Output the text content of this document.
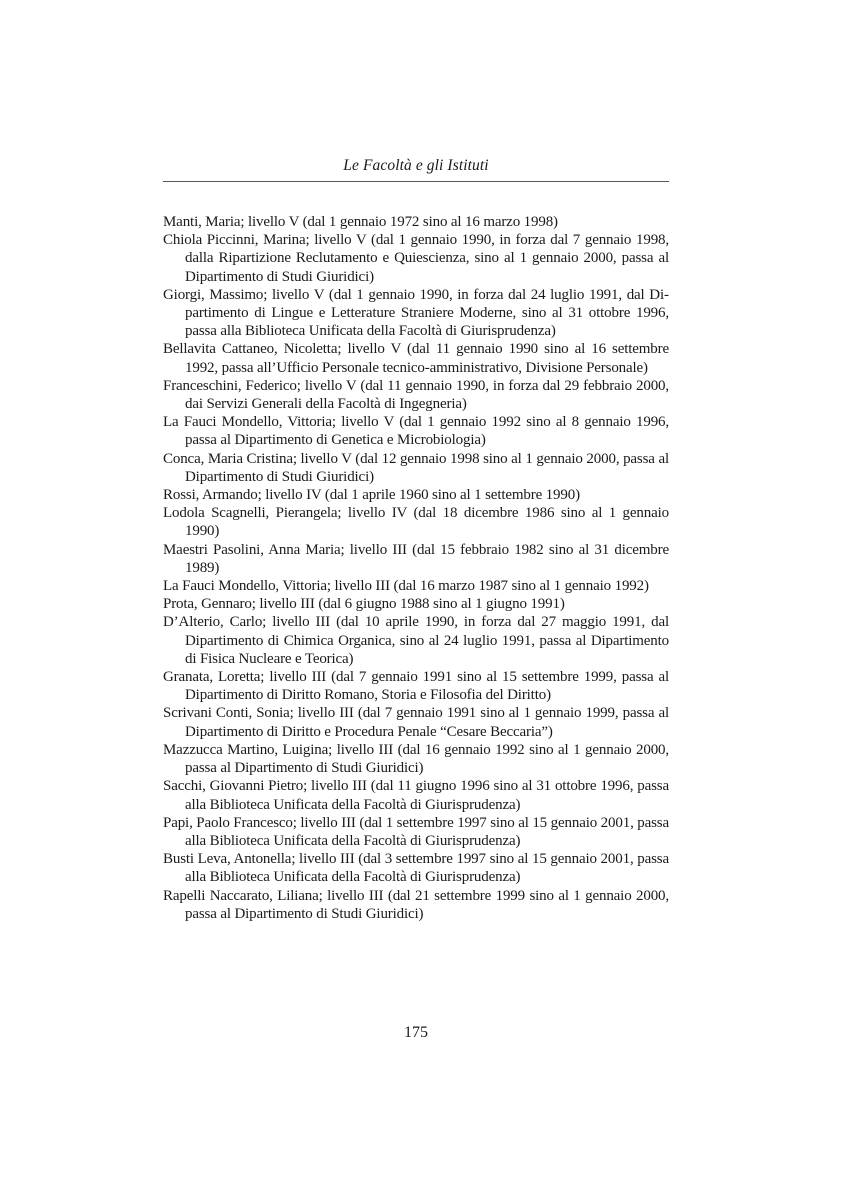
Le Facoltà e gli Istituti
Manti, Maria; livello V (dal 1 gennaio 1972 sino al 16 marzo 1998)
Chiola Piccinni, Marina; livello V (dal 1 gennaio 1990, in forza dal 7 gennaio 1998, dalla Ripartizione Reclutamento e Quiescienza, sino al 1 gennaio 2000, passa al Dipartimento di Studi Giuridici)
Giorgi, Massimo; livello V (dal 1 gennaio 1990, in forza dal 24 luglio 1991, dal Dipartimento di Lingue e Letterature Straniere Moderne, sino al 31 ottobre 1996, passa alla Biblioteca Unificata della Facoltà di Giurisprudenza)
Bellavita Cattaneo, Nicoletta; livello V (dal 11 gennaio 1990 sino al 16 settembre 1992, passa all’Ufficio Personale tecnico-amministrativo, Divisione Personale)
Franceschini, Federico; livello V (dal 11 gennaio 1990, in forza dal 29 febbraio 2000, dai Servizi Generali della Facoltà di Ingegneria)
La Fauci Mondello, Vittoria; livello V (dal 1 gennaio 1992 sino al 8 gennaio 1996, passa al Dipartimento di Genetica e Microbiologia)
Conca, Maria Cristina; livello V (dal 12 gennaio 1998 sino al 1 gennaio 2000, passa al Dipartimento di Studi Giuridici)
Rossi, Armando; livello IV (dal 1 aprile 1960 sino al 1 settembre 1990)
Lodola Scagnelli, Pierangela; livello IV (dal 18 dicembre 1986 sino al 1 gennaio 1990)
Maestri Pasolini, Anna Maria; livello III (dal 15 febbraio 1982 sino al 31 dicembre 1989)
La Fauci Mondello, Vittoria; livello III (dal 16 marzo 1987 sino al 1 gennaio 1992)
Prota, Gennaro; livello III (dal 6 giugno 1988 sino al 1 giugno 1991)
D’Alterio, Carlo; livello III (dal 10 aprile 1990, in forza dal 27 maggio 1991, dal Dipartimento di Chimica Organica, sino al 24 luglio 1991, passa al Dipartimento di Fisica Nucleare e Teorica)
Granata, Loretta; livello III (dal 7 gennaio 1991 sino al 15 settembre 1999, passa al Dipartimento di Diritto Romano, Storia e Filosofia del Diritto)
Scrivani Conti, Sonia; livello III (dal 7 gennaio 1991 sino al 1 gennaio 1999, passa al Dipartimento di Diritto e Procedura Penale “Cesare Beccaria”)
Mazzucca Martino, Luigina; livello III (dal 16 gennaio 1992 sino al 1 gennaio 2000, passa al Dipartimento di Studi Giuridici)
Sacchi, Giovanni Pietro; livello III (dal 11 giugno 1996 sino al 31 ottobre 1996, passa alla Biblioteca Unificata della Facoltà di Giurisprudenza)
Papi, Paolo Francesco; livello III (dal 1 settembre 1997 sino al 15 gennaio 2001, passa alla Biblioteca Unificata della Facoltà di Giurisprudenza)
Busti Leva, Antonella; livello III (dal 3 settembre 1997 sino al 15 gennaio 2001, passa alla Biblioteca Unificata della Facoltà di Giurisprudenza)
Rapelli Naccarato, Liliana; livello III (dal 21 settembre 1999 sino al 1 gennaio 2000, passa al Dipartimento di Studi Giuridici)
175
